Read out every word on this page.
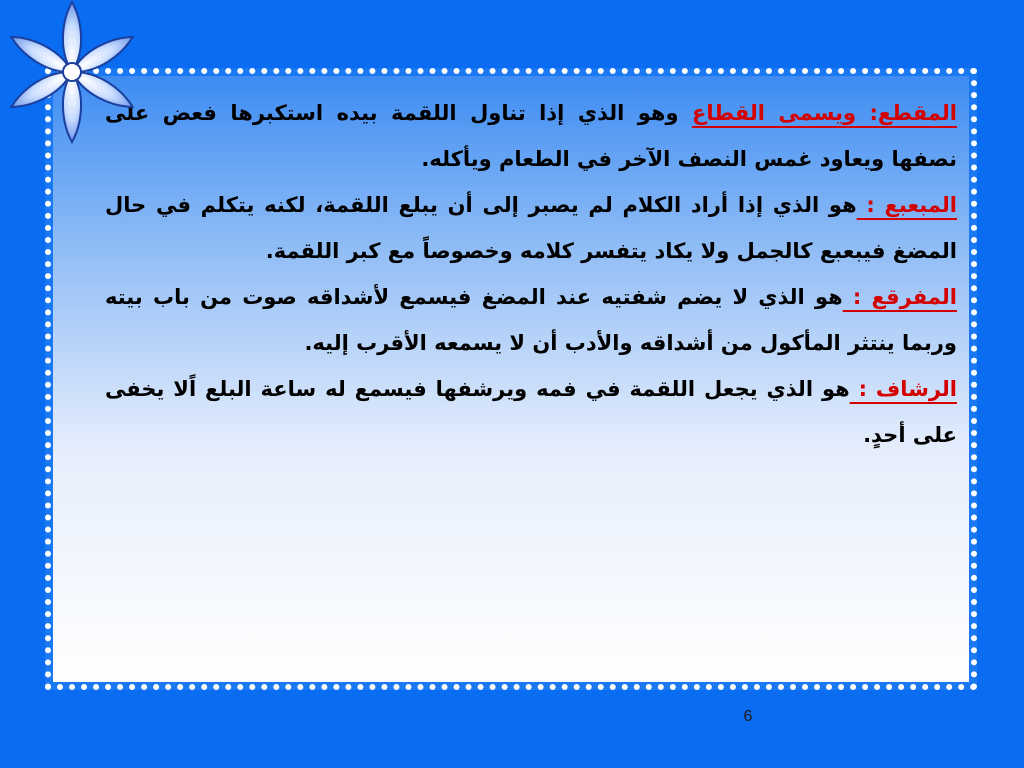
المقطع: ويسمى القطاع وهو الذي إذا تناول اللقمة بيده استكبرها فعض على نصفها ويعاود غمس النصف الآخر في الطعام ويأكله.

المبعبع : هو الذي إذا أراد الكلام لم يصبر إلى أن يبلع اللقمة، لكنه يتكلم في حال المضغ فيبعبع كالجمل ولا يكاد يتفسر كلامه وخصوصاً مع كبر اللقمة.

المفرقع : هو الذي لا يضم شفتيه عند المضغ فيسمع لأشداقه صوت من باب بيته وربما ينتثر المأكول من أشداقه والأدب أن لا يسمعه الأقرب إليه.

الرشاف : هو الذي يجعل اللقمة في فمه ويرشفها فيسمع له ساعة البلع اًلا يخفى على أحدٍ.

6
